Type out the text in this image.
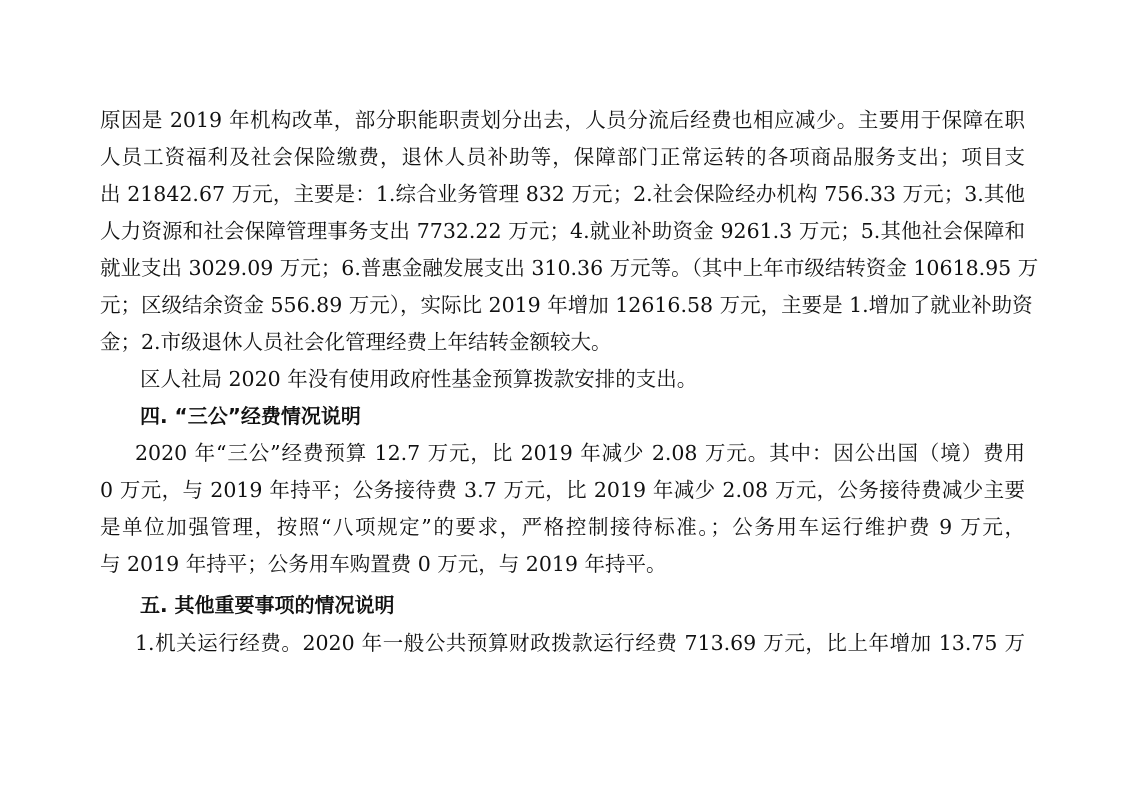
原因是 2019 年机构改革，部分职能职责划分出去，人员分流后经费也相应减少。主要用于保障在职
人员工资福利及社会保险缴费，退休人员补助等，保障部门正常运转的各项商品服务支出；项目支
出 21842.67 万元，主要是：1.综合业务管理 832 万元；2.社会保险经办机构 756.33 万元；3.其他
人力资源和社会保障管理事务支出 7732.22 万元；4.就业补助资金 9261.3 万元；5.其他社会保障和
就业支出 3029.09 万元；6.普惠金融发展支出 310.36 万元等。（其中上年市级结转资金 10618.95 万
元；区级结余资金 556.89 万元），实际比 2019 年增加 12616.58 万元，主要是 1.增加了就业补助资
金；2.市级退休人员社会化管理经费上年结转金额较大。
区人社局 2020 年没有使用政府性基金预算拨款安排的支出。
四. “三公”经费情况说明
2020 年“三公”经费预算 12.7 万元，比 2019 年减少 2.08 万元。其中：因公出国（境）费用
0 万元，与 2019 年持平；公务接待费 3.7 万元，比 2019 年减少 2.08 万元，公务接待费减少主要
是单位加强管理，按照“八项规定”的要求，严格控制接待标准。；公务用车运行维护费 9 万元，
与 2019 年持平；公务用车购置费 0 万元，与 2019 年持平。
五. 其他重要事项的情况说明
1.机关运行经费。2020 年一般公共预算财政拨款运行经费 713.69 万元，比上年增加 13.75 万
